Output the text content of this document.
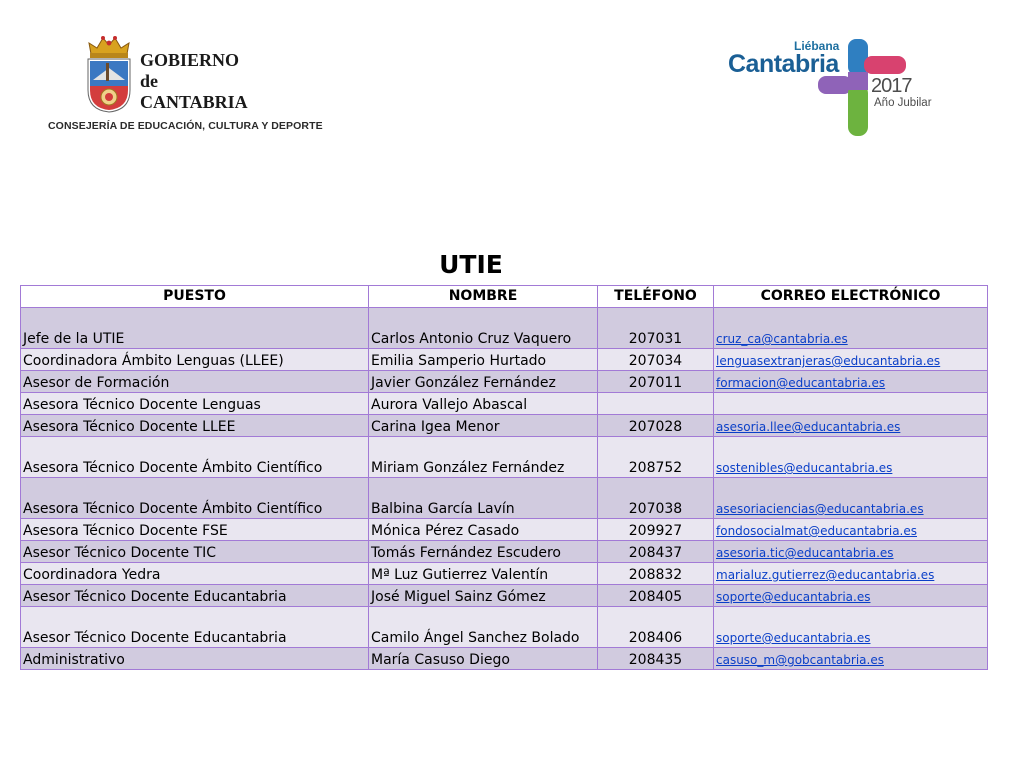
GOBIERNO
de
CANTABRIA
CONSEJERÍA DE EDUCACIÓN, CULTURA Y DEPORTE
Liébana
Cantabria
2017
Año Jubilar
UTIE
PUESTO	NOMBRE	TELÉFONO	CORREO ELECTRÓNICO
Jefe de la UTIE	Carlos Antonio Cruz Vaquero	207031	cruz_ca@cantabria.es
Coordinadora Ámbito Lenguas (LLEE)	Emilia Samperio Hurtado	207034	lenguasextranjeras@educantabria.es
Asesor de Formación	Javier González Fernández	207011	formacion@educantabria.es
Asesora Técnico Docente Lenguas	Aurora Vallejo Abascal		
Asesora Técnico Docente LLEE	Carina Igea Menor	207028	asesoria.llee@educantabria.es
Asesora Técnico Docente Ámbito Científico	Miriam González Fernández	208752	sostenibles@educantabria.es
Asesora Técnico Docente Ámbito Científico	Balbina García Lavín	207038	asesoriaciencias@educantabria.es
Asesora Técnico Docente FSE	Mónica Pérez Casado	209927	fondosocialmat@educantabria.es
Asesor Técnico Docente TIC	Tomás Fernández Escudero	208437	asesoria.tic@educantabria.es
Coordinadora Yedra	Mª Luz Gutierrez Valentín	208832	marialuz.gutierrez@educantabria.es
Asesor Técnico Docente Educantabria	José Miguel Sainz Gómez	208405	soporte@educantabria.es
Asesor Técnico Docente Educantabria	Camilo Ángel Sanchez Bolado	208406	soporte@educantabria.es
Administrativo	María Casuso Diego	208435	casuso_m@gobcantabria.es
